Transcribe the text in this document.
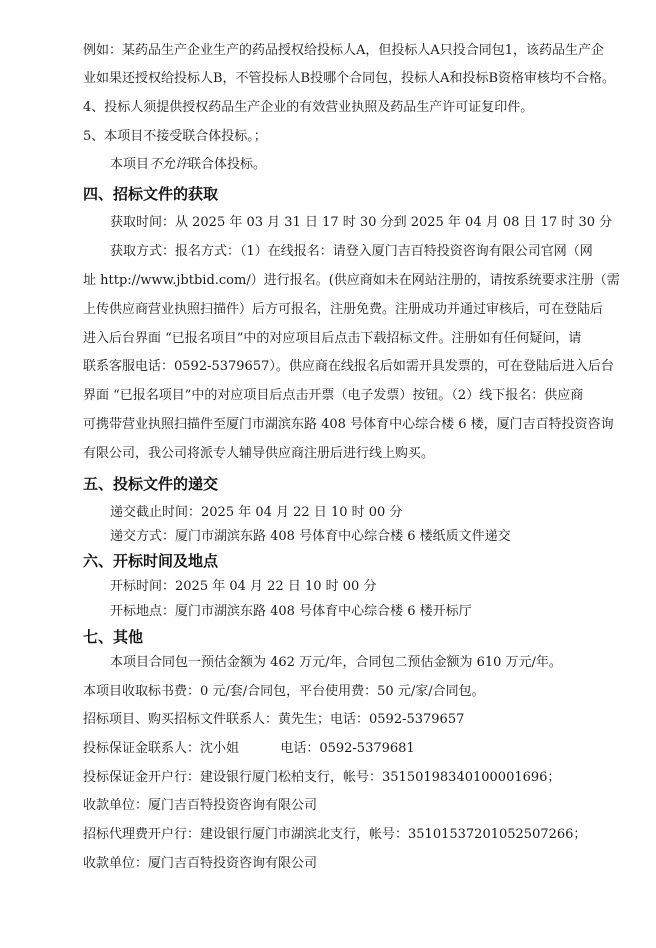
例如：某药品生产企业生产的药品授权给投标人A，但投标人A只投合同包1，该药品生产企
业如果还授权给投标人B，不管投标人B投哪个合同包，投标人A和投标B资格审核均不合格。
4、投标人须提供授权药品生产企业的有效营业执照及药品生产许可证复印件。
5、本项目不接受联合体投标。；
本项目不允许联合体投标。
四、招标文件的获取
获取时间：从 2025 年 03 月 31 日 17 时 30 分到 2025 年 04 月 08 日 17 时 30 分
获取方式：报名方式：（1）在线报名：请登入厦门吉百特投资咨询有限公司官网（网
址 http://www.jbtbid.com/）进行报名。(供应商如未在网站注册的，请按系统要求注册（需
上传供应商营业执照扫描件）后方可报名，注册免费。注册成功并通过审核后，可在登陆后
进入后台界面 “已报名项目”中的对应项目后点击下载招标文件。注册如有任何疑问，请
联系客服电话：0592-5379657）。供应商在线报名后如需开具发票的，可在登陆后进入后台
界面 “已报名项目”中的对应项目后点击开票（电子发票）按钮。（2）线下报名：供应商
可携带营业执照扫描件至厦门市湖滨东路 408 号体育中心综合楼 6 楼，厦门吉百特投资咨询
有限公司，我公司将派专人辅导供应商注册后进行线上购买。
五、投标文件的递交
递交截止时间：2025 年 04 月 22 日 10 时 00 分
递交方式：厦门市湖滨东路 408 号体育中心综合楼 6 楼纸质文件递交
六、开标时间及地点
开标时间：2025 年 04 月 22 日 10 时 00 分
开标地点：厦门市湖滨东路 408 号体育中心综合楼 6 楼开标厅
七、其他
本项目合同包一预估金额为 462 万元/年，合同包二预估金额为 610 万元/年。
本项目收取标书费：0 元/套/合同包，平台使用费：50 元/家/合同包。
招标项目、购买招标文件联系人：黄先生；电话：0592-5379657
投标保证金联系人：沈小姐          电话：0592-5379681
投标保证金开户行：建设银行厦门松柏支行，帐号：35150198340100001696；
收款单位：厦门吉百特投资咨询有限公司
招标代理费开户行：建设银行厦门市湖滨北支行，帐号：35101537201052507266；
收款单位：厦门吉百特投资咨询有限公司
